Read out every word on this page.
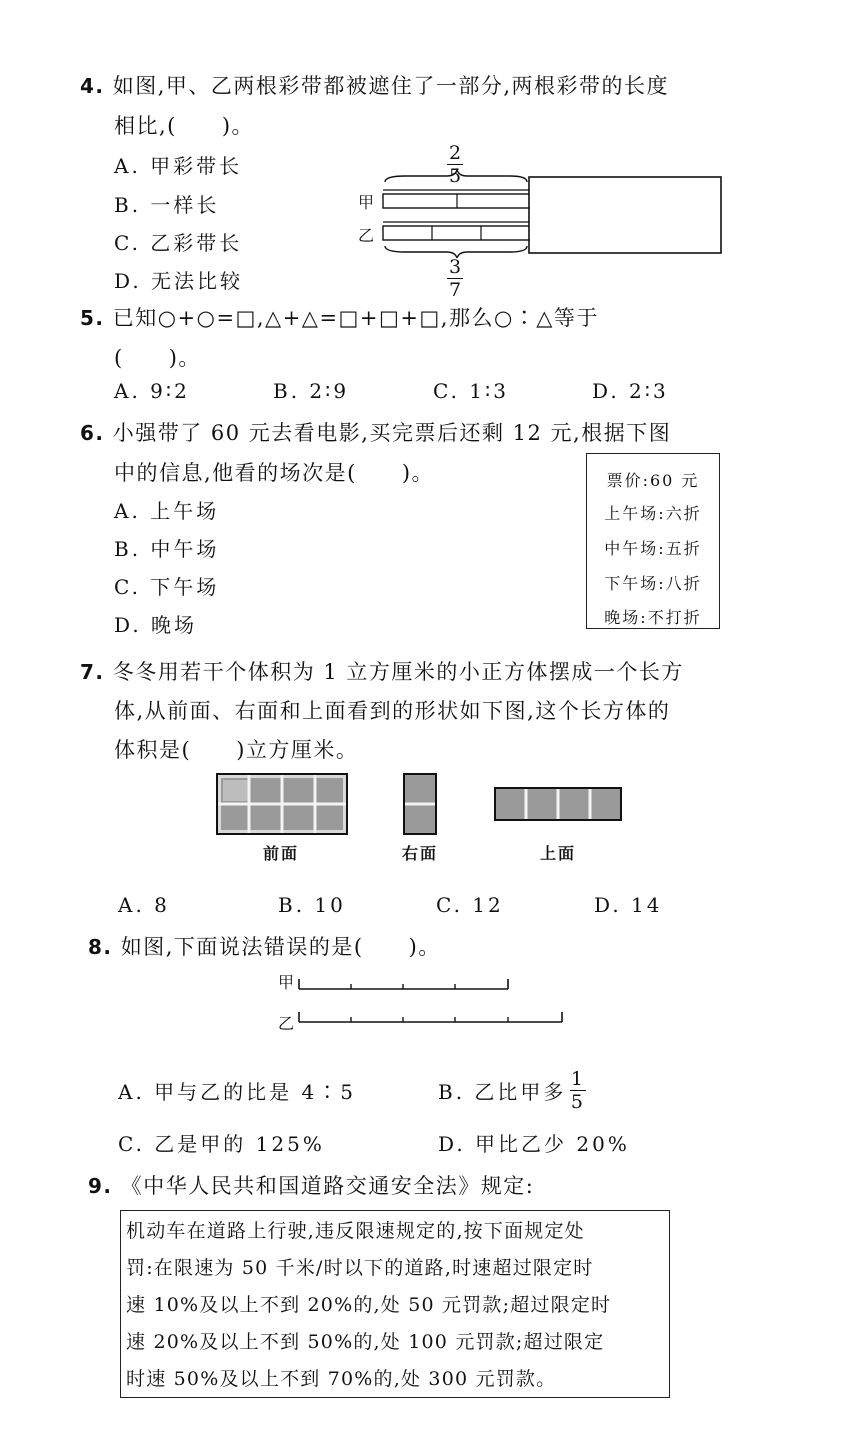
4. 如图,甲、乙两根彩带都被遮住了一部分,两根彩带的长度
相比,(　　)。
A. 甲彩带长
B. 一样长
C. 乙彩带长
D. 无法比较
2
5
3
7
甲
乙
5. 已知○+○=□,△+△=□+□+□,那么○∶△等于
(　　)。
A. 9∶2	B. 2∶9	C. 1∶3	D. 2∶3
6. 小强带了 60 元去看电影,买完票后还剩 12 元,根据下图
中的信息,他看的场次是(　　)。
A. 上午场
B. 中午场
C. 下午场
D. 晚场
票价:60 元
上午场:六折
中午场:五折
下午场:八折
晚场:不打折
7. 冬冬用若干个体积为 1 立方厘米的小正方体摆成一个长方
体,从前面、右面和上面看到的形状如下图,这个长方体的
体积是(　　)立方厘米。
前面	右面	上面
A. 8	B. 10	C. 12	D. 14
8. 如图,下面说法错误的是(　　)。
甲
乙
A. 甲与乙的比是 4∶5	B. 乙比甲多 $\frac{1}{5}$
C. 乙是甲的 125%	D. 甲比乙少 20%
9. 《中华人民共和国道路交通安全法》规定:
机动车在道路上行驶,违反限速规定的,按下面规定处
罚:在限速为 50 千米/时以下的道路,时速超过限定时
速 10%及以上不到 20%的,处 50 元罚款;超过限定时
速 20%及以上不到 50%的,处 100 元罚款;超过限定
时速 50%及以上不到 70%的,处 300 元罚款。
